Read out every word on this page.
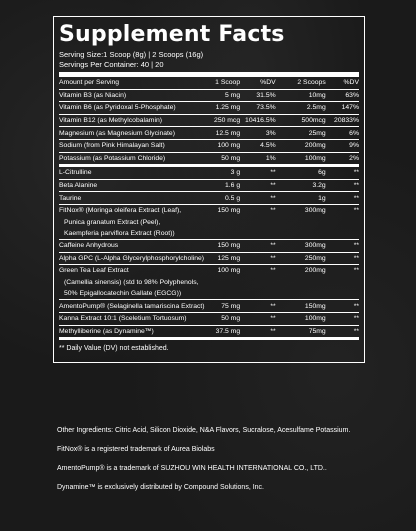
Supplement Facts
Serving Size:1 Scoop (8g) | 2 Scoops (16g)
Servings Per Container: 40 | 20
Amount per Serving	1 Scoop	%DV	2 Scoops	%DV
Vitamin B3 (as Niacin)	5 mg	31.5%	10mg	63%
Vitamin B6 (as Pyridoxal 5-Phosphate)	1.25 mg	73.5%	2.5mg	147%
Vitamin B12 (as Methylcobalamin)	250 mcg	10416.5%	500mcg	20833%
Magnesium (as Magnesium Glycinate)	12.5 mg	3%	25mg	6%
Sodium (from Pink Himalayan Salt)	100 mg	4.5%	200mg	9%
Potassium (as Potassium Chloride)	50 mg	1%	100mg	2%

L-Citrulline	3 g	**	6g	**
Beta Alanine	1.6 g	**	3.2g	**
Taurine	0.5 g	**	1g	**
FitNox® (Moringa oleifera Extract (Leaf),	150 mg	**	300mg	**
Punica granatum Extract (Peel),				
Kaempferia parviflora Extract (Root))				
Caffeine Anhydrous	150 mg	**	300mg	**
Alpha GPC (L-Alpha Glycerylphosphorylcholine)	125 mg	**	250mg	**
Green Tea Leaf Extract	100 mg	**	200mg	**
(Camellia sinensis) (std to 98% Polyphenols,				
50% Epigallocatechin Gallate (EGCG))				
AmentoPump® (Selaginella tamariscina Extract)	75 mg	**	150mg	**
Kanna Extract 10:1 (Sceletium Tortuosum)	50 mg	**	100mg	**
Methylliberine (as Dynamine™)	37.5 mg	**	75mg	**

** Daily Value (DV) not established.

Other Ingredients: Citric Acid, Silicon Dioxide, N&A Flavors, Sucralose, Acesulfame Potassium.

FitNox® is a registered trademark of Aurea Biolabs

AmentoPump® is a trademark of SUZHOU WIN HEALTH INTERNATIONAL CO., LTD..

Dynamine™ is exclusively distributed by Compound Solutions, Inc.
